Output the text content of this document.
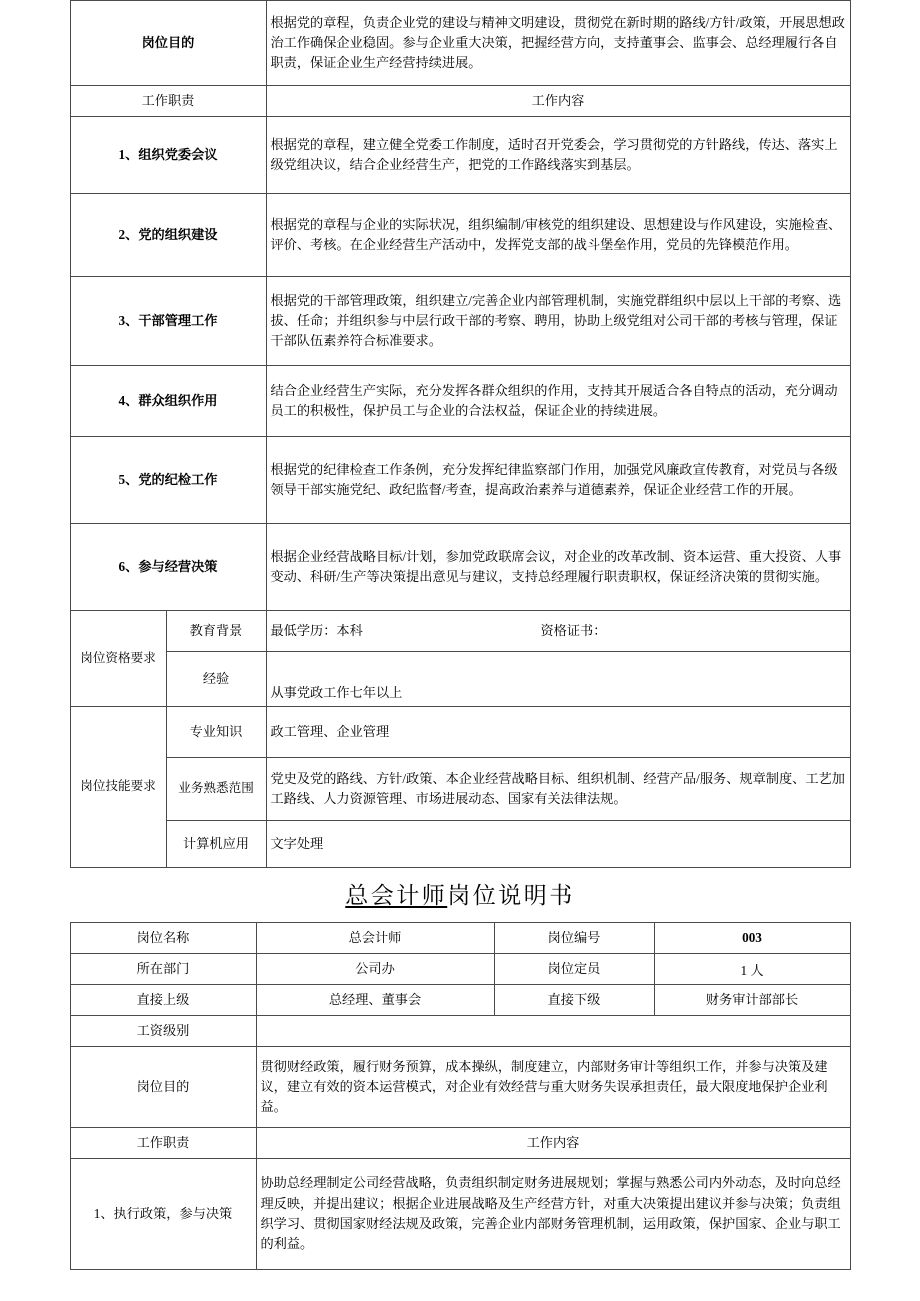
岗位目的		根据党的章程，负责企业党的建设与精神文明建设，贯彻党在新时期的路线/方针/政策，开展思想政治工作确保企业稳固。参与企业重大决策，把握经营方向，支持董事会、监事会、总经理履行各自职责，保证企业生产经营持续进展。
工作职责		工作内容
1、组织党委会议		根据党的章程，建立健全党委工作制度，适时召开党委会，学习贯彻党的方针路线，传达、落实上级党组决议，结合企业经营生产，把党的工作路线落实到基层。
2、党的组织建设		根据党的章程与企业的实际状况，组织编制/审核党的组织建设、思想建设与作风建设，实施检查、评价、考核。在企业经营生产活动中，发挥党支部的战斗堡垒作用，党员的先锋模范作用。
3、干部管理工作		根据党的干部管理政策，组织建立/完善企业内部管理机制，实施党群组织中层以上干部的考察、选拔、任命；并组织参与中层行政干部的考察、聘用，协助上级党组对公司干部的考核与管理，保证干部队伍素养符合标准要求。
4、群众组织作用		结合企业经营生产实际，充分发挥各群众组织的作用，支持其开展适合各自特点的活动，充分调动员工的积极性，保护员工与企业的合法权益，保证企业的持续进展。
5、党的纪检工作		根据党的纪律检查工作条例，充分发挥纪律监察部门作用，加强党风廉政宣传教育，对党员与各级领导干部实施党纪、政纪监督/考查，提高政治素养与道德素养，保证企业经营工作的开展。
6、参与经营决策		根据企业经营战略目标/计划，参加党政联席会议，对企业的改革改制、资本运营、重大投资、人事变动、科研/生产等决策提出意见与建议，支持总经理履行职责职权，保证经济决策的贯彻实施。
岗位资格要求	教育背景	最低学历：本科 资格证书：

	经验	从事党政工作七年以上
岗位技能要求	专业知识	政工管理、企业管理
	业务熟悉范围	党史及党的路线、方针/政策、本企业经营战略目标、组织机制、经营产品/服务、规章制度、工艺加工路线、人力资源管理、市场进展动态、国家有关法律法规。
	计算机应用	文字处理
总会计师岗位说明书
岗位名称	总会计师	岗位编号	003
所在部门	公司办	岗位定员	1 人
直接上级	总经理、董事会	直接下级	财务审计部部长
工资级别			
岗位目的	贯彻财经政策，履行财务预算，成本操纵，制度建立，内部财务审计等组织工作，并参与决策及建议，建立有效的资本运营模式，对企业有效经营与重大财务失误承担责任，最大限度地保护企业利益。		
工作职责	工作内容		
1、执行政策，参与决策	协助总经理制定公司经营战略，负责组织制定财务进展规划；掌握与熟悉公司内外动态，及时向总经理反映，并提出建议；根据企业进展战略及生产经营方针，对重大决策提出建议并参与决策；负责组织学习、贯彻国家财经法规及政策，完善企业内部财务管理机制，运用政策，保护国家、企业与职工的利益。		
